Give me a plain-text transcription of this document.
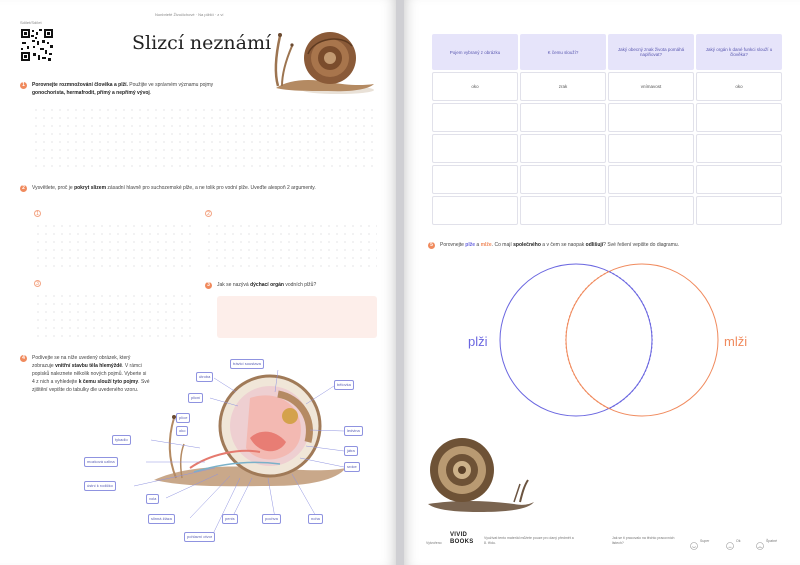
Sdílet/Sdílet
Nonbriefé Živočichové · Na plžští · z ví
Slizcí neznámí
1	Porovnejte rozmnožování člověka a plží. Použijte ve správném významu pojmy gonochorista, hermafrodit, přímý a nepřímý vývoj.
2	Vysvětlete, proč je pokryt slizem zásadní hlavně pro suchozemské plže, a ne tolik pro vodní plže. Uveďte alespoň 2 argumenty.
1	2
3	3	Jak se nazývá dýchací orgán vodních plžů?
4	Podívejte se na níže uvedený obrázek, který zobrazuje vnitřní stavbu těla hlemýždě. V rámci popisků naleznete několik nových pojmů. Vyberte si 4 z nich a vyhledejte k čemu slouží tyto pojmy. Své zjištění vepište do tabulky dle uvedeného vzoru.
útroba
plicní
plíce
oko
tykadlo
mozková uzlina
ústní k rodičko
vola
slinná žláza
pohlavní otvor
penis	pochva	noha
trávicí soustava
bělovka
ledvina
játra
srdce
Pojem vybraný z obrázku	K čemu slouží?	Jaký obecný znak života pomáhá naplňovat?	Jaký orgán k dané funkci slouží u člověka?
oko	zrak	vnímavost	oko

5	Porovnejte plže a mlže. Co mají společného a v čem se naopak odlišují? Své řešení vepište do diagramu.
plži	mlži
Vytvořeno
VIVID
BOOKS
Využívat tento materiál můžete pouze pro daný předmět a 8. třídu.
Jak se ti pracovalo na těchto pracovních listech?	Super	Ok	Špatné
